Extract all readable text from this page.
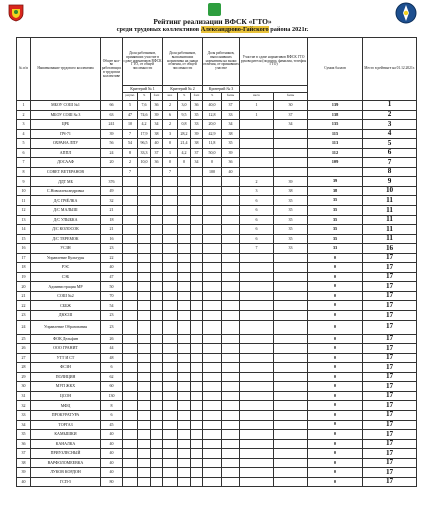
Рейтинг реализации ВФСК «ГТО»
среди трудовых коллективов Александрово-Гайского района 2021г.
№ п/п	Наименование трудового коллектива	Общее кол-во работающих в трудовом коллективе	Доля работников, принявших участие в сдаче нормативов ВФСК ГТО, от общей численности			Доля работников, выполнивших нормативы на знаки отличия, от общей численности			Доля работников, выполнивших нормативы на знаки отличия, от принявших участие		Участие в сдаче нормативов ВФСК ГТО руководителя (подписи, фамилия, телефон ГТО)		Сумма баллов	Место в рейтинге на 01.12.2021г.
			Критерий № 1			Критерий № 2			Критерий № 3					
			результ.	%	балл	кол.	%	балл	%	баллы	место	баллы		
1	МБОУ СОШ №1	66	5	7,6	36	2	3,0	36	40,0	37	1	30	139	1
2	МБОУ СОШ № 3	63	47	74,6	39	6	9,5	35	12,8	33	1	37	138	2
3	ЦРБ	241	10	4,2	34	2	0,8	33	20,0	34		34	135	3
4	ПЧ-71	39	7	17,9	38	3	28,2	39	42,9	38			115	4
5	ОХРАНА ЛПУ	56	54	96,5	40	0	21,4	38	11,8	35			113	5
6	АППЛ	24	8	33,3	37	1	4,2	37	50,0	39			112	6
7	ДОСААФ	20	2	10,0	36	0	0	34	0	36			109	7
8	СОВЕТ ВЕТЕРАНОВ		7			7			100	40				8
9	ДДТ МБ	376									2	39	39	9
10	С.Новоалександровка	49									3	38	38	10
11	Д/С ПЧЁЛКА	32									6	35	35	11
12	Д/С МАЛЫШ	21									6	35	35	11
13	Д/С УЛЫБКА	18									6	35	35	11
14	Д/С КОЛОСОК	21									6	35	35	11
15	Д/С ТЕРЕМОК	16									6	35	35	11
16	УСЗН	23									7	33	33	16
17	Управление Культуры	22											0	17
18	РЭС	40											0	17
19	СЭБ	47											0	17
20	Администрация МР	50											0	17
21	СОШ №2	70											0	17
22	СББЖ	54											0	17
23	ДЮСШ	23											0	17
24	Управление Образования	23											0	17
25	ФОК Дельфин	26											0	17
26	ООО ГРАНИТ	44											0	17
27	УТТ И СТ	48											0	17
28	ФСЗН	6											0	17
29	ПОЛИЦИЯ	62											0	17
30	МУП ЖКХ	60											0	17
31	ЦСОН	130											0	17
32	МФЦ	8											0	17
33	ПРОКУРАТУРА	6											0	17
34	ТОРГАЗ	45											0	17
35	КАМЫШКИ	40											0	17
36	КАНАЛКА	40											0	17
37	ПРИУЗЛЕСНЫЙ	40											0	17
38	ВАРФОЛОМЕЕВКА	40											0	17
39	ЛУКОВ КОРДОН	40											0	17
40	ГСП-5	80											0	17
